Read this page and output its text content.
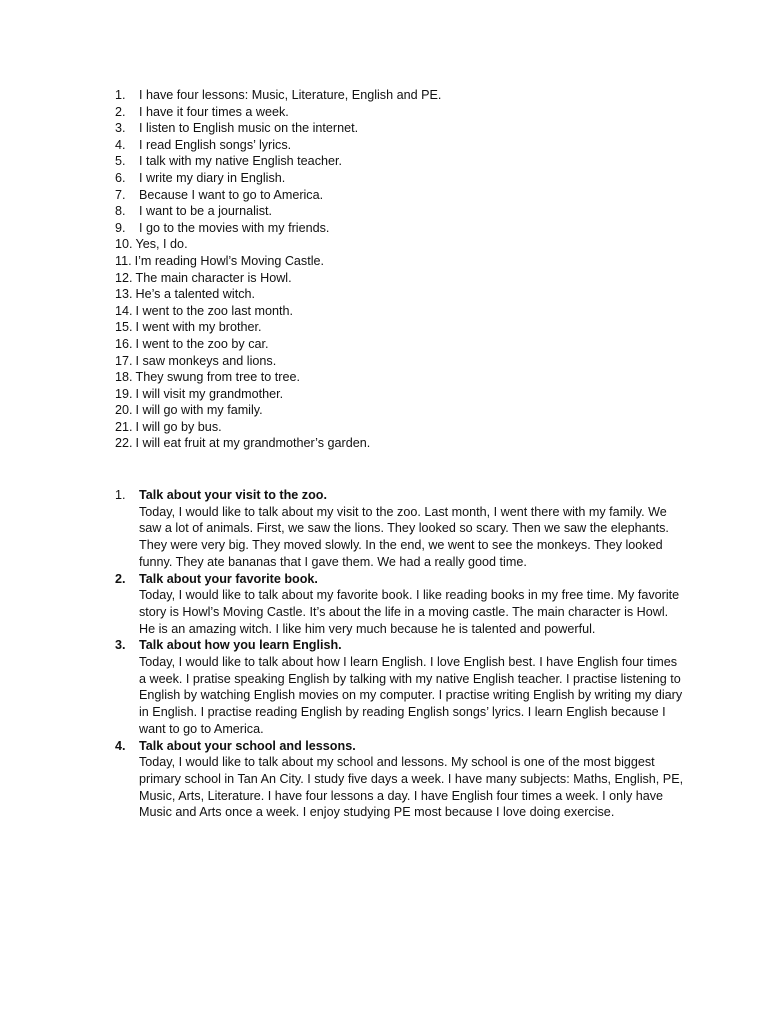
1. I have four lessons: Music, Literature, English and PE.
2. I have it four times a week.
3. I listen to English music on the internet.
4. I read English songs’ lyrics.
5. I talk with my native English teacher.
6. I write my diary in English.
7. Because I want to go to America.
8. I want to be a journalist.
9. I go to the movies with my friends.
10. Yes, I do.
11. I’m reading Howl’s Moving Castle.
12. The main character is Howl.
13. He’s a talented witch.
14. I went to the zoo last month.
15. I went with my brother.
16. I went to the zoo by car.
17. I saw monkeys and lions.
18. They swung from tree to tree.
19. I will visit my grandmother.
20. I will go with my family.
21. I will go by bus.
22. I will eat fruit at my grandmother’s garden.
1. Talk about your visit to the zoo.
Today, I would like to talk about my visit to the zoo. Last month, I went there with my family. We saw a lot of animals. First, we saw the lions. They looked so scary. Then we saw the elephants. They were very big. They moved slowly. In the end, we went to see the monkeys. They looked funny. They ate bananas that I gave them. We had a really good time.
2. Talk about your favorite book.
Today, I would like to talk about my favorite book. I like reading books in my free time. My favorite story is Howl’s Moving Castle. It’s about the life in a moving castle. The main character is Howl. He is an amazing witch. I like him very much because he is talented and powerful.
3. Talk about how you learn English.
Today, I would like to talk about how I learn English. I love English best. I have English four times a week. I pratise speaking English by talking with my native English teacher. I practise listening to English by watching English movies on my computer. I practise writing English by writing my diary in English. I practise reading English by reading English songs’ lyrics. I learn English because I want to go to America.
4. Talk about your school and lessons.
Today, I would like to talk about my school and lessons. My school is one of the most biggest primary school in Tan An City. I study five days a week. I have many subjects: Maths, English, PE, Music, Arts, Literature. I have four lessons a day. I have English four times a week. I only have Music and Arts once a week. I enjoy studying PE most because I love doing exercise.
